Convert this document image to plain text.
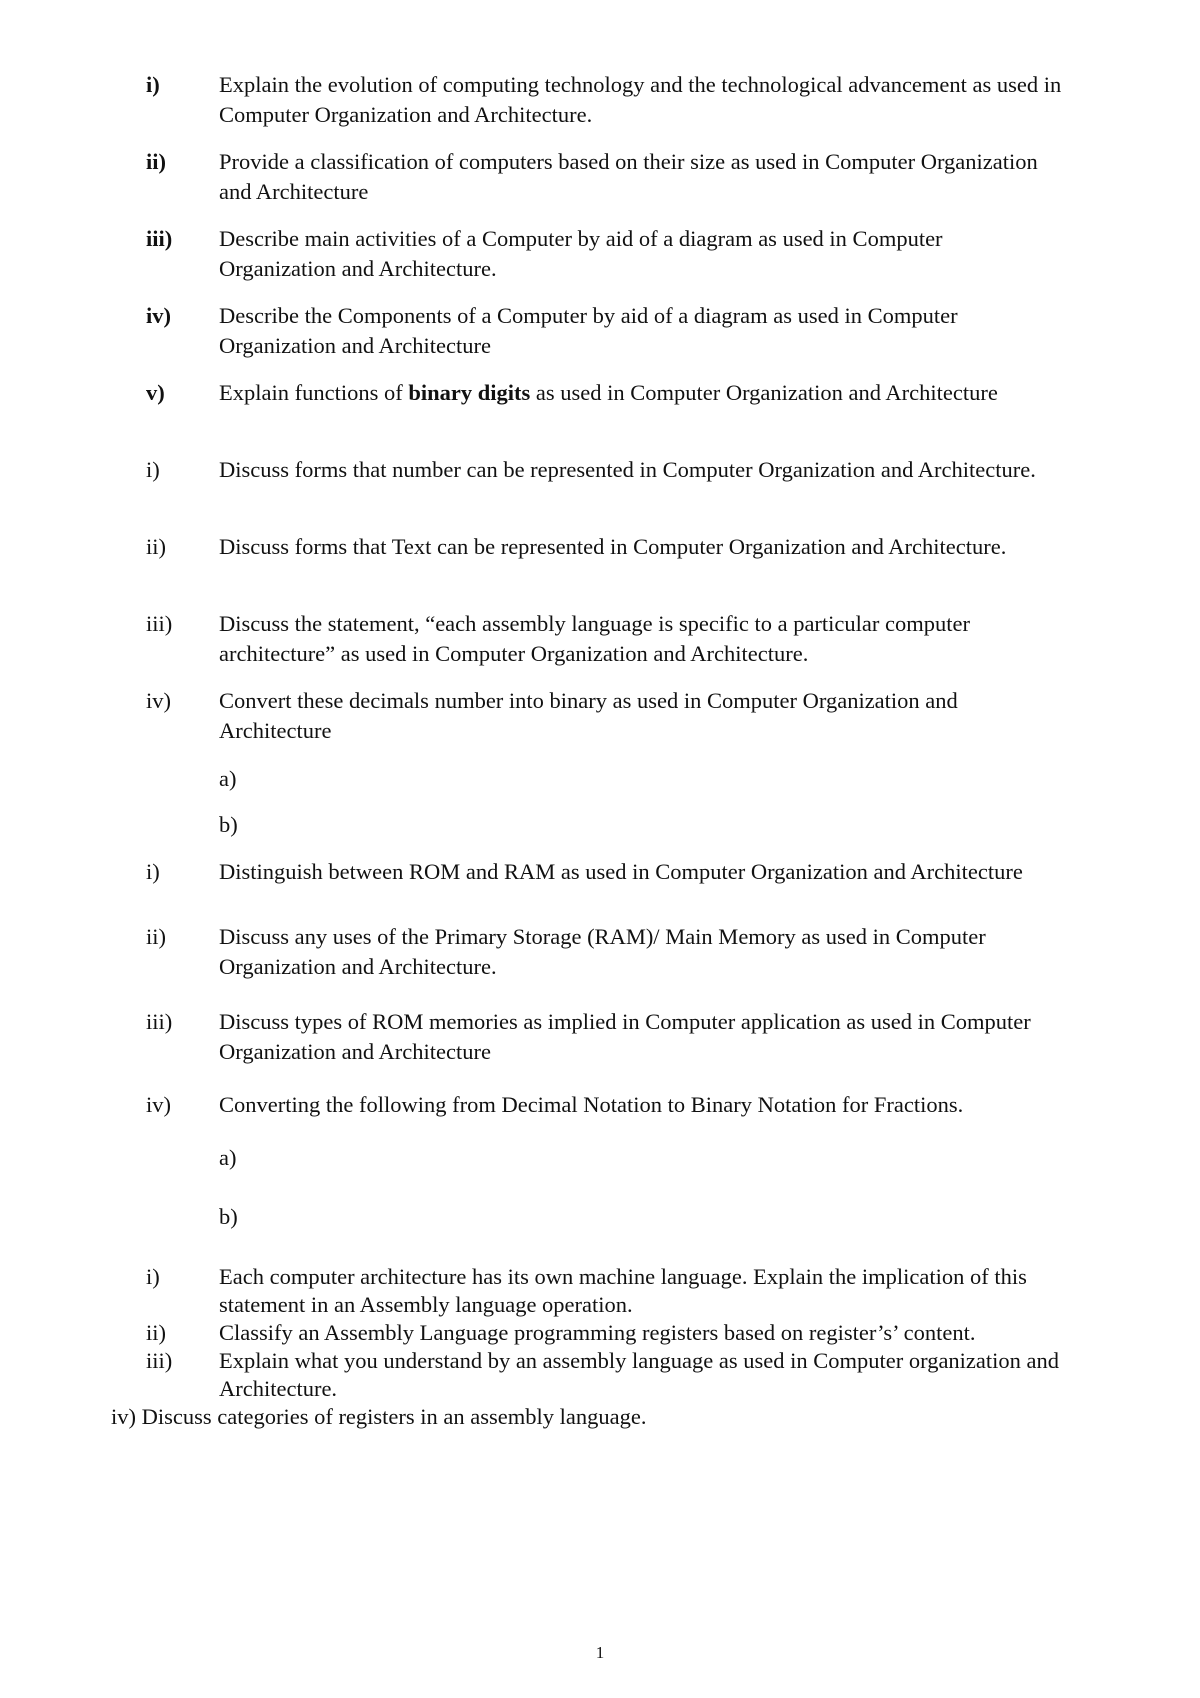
i)	Explain the evolution of computing technology and the technological advancement as used in Computer Organization and Architecture.
ii)	Provide a classification of computers based on their size as used in Computer Organization and Architecture
iii)	Describe main activities of a Computer by aid of a diagram as used in Computer Organization and Architecture.
iv)	Describe the Components of a Computer by aid of a diagram as used in Computer Organization and Architecture
v)	Explain functions of binary digits as used in Computer Organization and Architecture
i)	Discuss forms that number can be represented in Computer Organization and Architecture.
ii)	Discuss forms that Text can be represented in Computer Organization and Architecture.
iii)	Discuss the statement, “each assembly language is specific to a particular computer architecture” as used in Computer Organization and Architecture.
iv)	Convert these decimals number into binary as used in Computer Organization and Architecture
a)
b)
i)	Distinguish between ROM and RAM as used in Computer Organization and Architecture
ii)	Discuss any uses of the Primary Storage (RAM)/ Main Memory as used in Computer Organization and Architecture.
iii)	Discuss types of ROM memories as implied in Computer application as used in Computer Organization and Architecture
iv)	Converting the following from Decimal Notation to Binary Notation for Fractions.
a)
b)
i)	Each computer architecture has its own machine language. Explain the implication of this statement in an Assembly language operation.
ii)	Classify an Assembly Language programming registers based on register’s’ content.
iii)	Explain what you understand by an assembly language as used in Computer organization and Architecture.
iv) Discuss categories of registers in an assembly language.
1
